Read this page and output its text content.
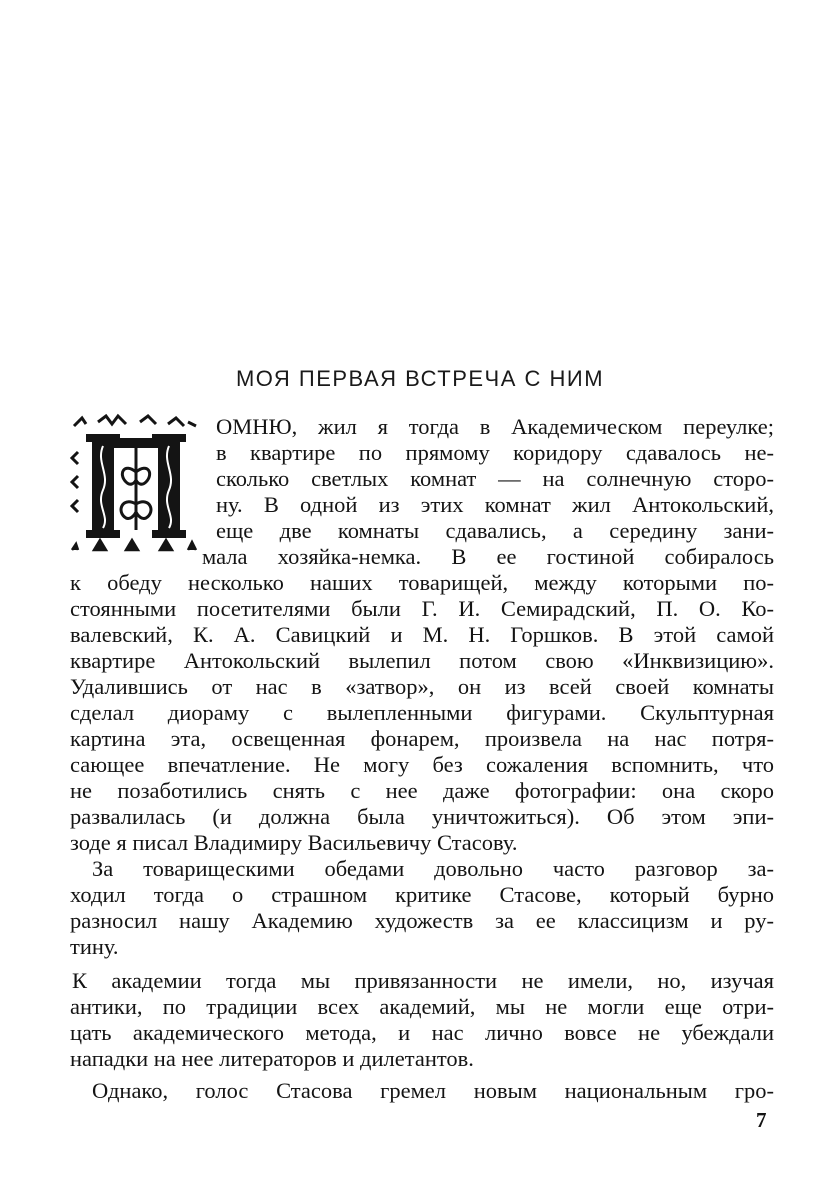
МОЯ ПЕРВАЯ ВСТРЕЧА С НИМ
ОМНЮ, жил я тогда в Академическом переулке;
в квартире по прямому коридору сдавалось не-
сколько светлых комнат — на солнечную сторо-
ну. В одной из этих комнат жил Антокольский,
еще две комнаты сдавались, а середину зани-
мала хозяйка-немка. В ее гостиной собиралось
к обеду несколько наших товарищей, между которыми по-
стоянными посетителями были Г. И. Семирадский, П. О. Ко-
валевский, К. А. Савицкий и М. Н. Горшков. В этой самой
квартире Антокольский вылепил потом свою «Инквизицию».
Удалившись от нас в «затвор», он из всей своей комнаты
сделал диораму с вылепленными фигурами. Скульптурная
картина эта, освещенная фонарем, произвела на нас потря-
сающее впечатление. Не могу без сожаления вспомнить, что
не позаботились снять с нее даже фотографии: она скоро
развалилась (и должна была уничтожиться). Об этом эпи-
зоде я писал Владимиру Васильевичу Стасову.
За товарищескими обедами довольно часто разговор за-
ходил тогда о страшном критике Стасове, который бурно
разносил нашу Академию художеств за ее классицизм и ру-
тину.
К академии тогда мы привязанности не имели, но, изучая
антики, по традиции всех академий, мы не могли еще отри-
цать академического метода, и нас лично вовсе не убеждали
нападки на нее литераторов и дилетантов.
Однако, голос Стасова гремел новым национальным гро-

7
